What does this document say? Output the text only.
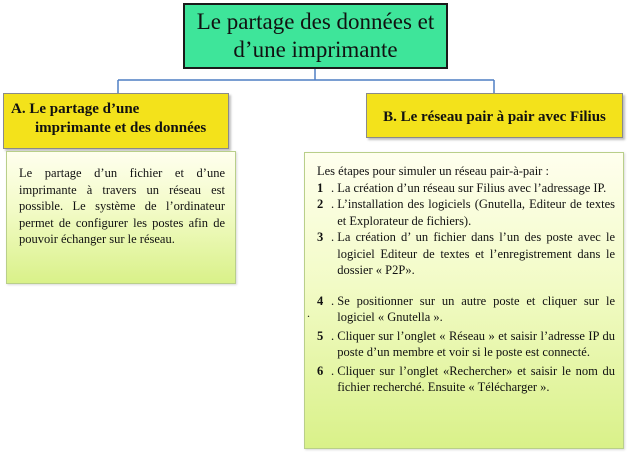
Le partage des données et
d’une imprimante
A. Le partage d’une
imprimante et des données
B. Le réseau pair à pair avec Filius
Le partage d’un fichier et d’une imprimante à travers un réseau est possible. Le système de l’ordinateur permet de configurer les postes afin de pouvoir échanger sur le réseau.
Les étapes pour simuler un réseau pair-à-pair :
1 . La création d’un réseau sur Filius avec l’adressage IP.
2 . L’installation des logiciels (Gnutella, Editeur de textes et Explorateur de fichiers).
3 . La création d’ un fichier dans l’un des poste avec le logiciel Editeur de textes et l’enregistrement dans le dossier « P2P».
4 . Se positionner sur un autre poste et cliquer sur le logiciel « Gnutella ».
5 . Cliquer sur l’onglet « Réseau » et saisir l’adresse IP du poste d’un membre et voir si le poste est connecté.
6 . Cliquer sur l’onglet «Rechercher» et saisir le nom du fichier recherché. Ensuite « Télécharger ».
.
